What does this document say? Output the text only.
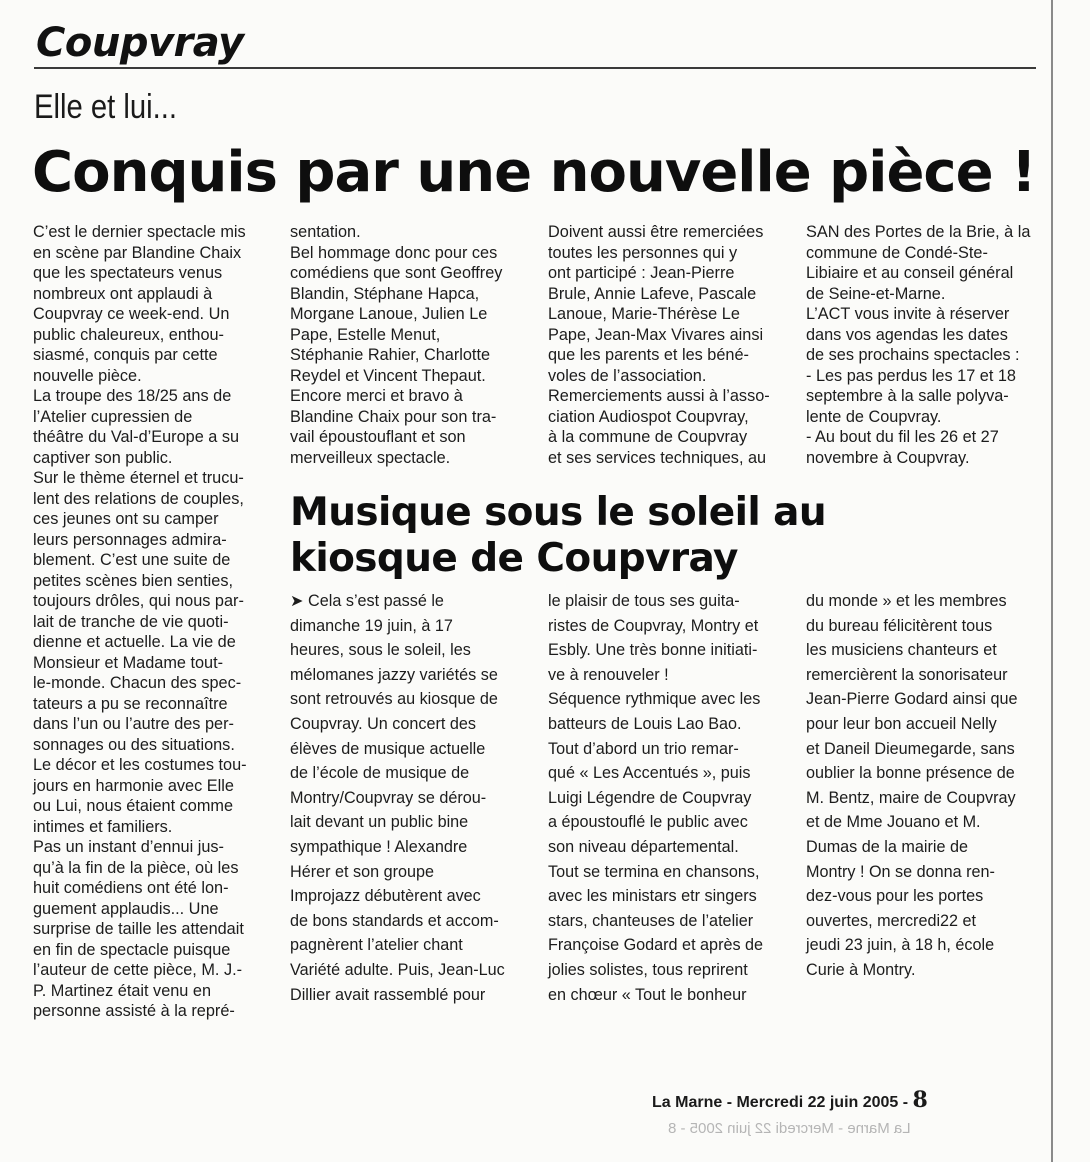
Coupvray
Elle et lui...
Conquis par une nouvelle pièce !

C’est le dernier spectacle mis
en scène par Blandine Chaix
que les spectateurs venus
nombreux ont applaudi à
Coupvray ce week-end. Un
public chaleureux, enthou-
siasmé, conquis par cette
nouvelle pièce.
La troupe des 18/25 ans de
l’Atelier cupressien de
théâtre du Val-d’Europe a su
captiver son public.
Sur le thème éternel et trucu-
lent des relations de couples,
ces jeunes ont su camper
leurs personnages admira-
blement. C’est une suite de
petites scènes bien senties,
toujours drôles, qui nous par-
lait de tranche de vie quoti-
dienne et actuelle. La vie de
Monsieur et Madame tout-
le-monde. Chacun des spec-
tateurs a pu se reconnaître
dans l’un ou l’autre des per-
sonnages ou des situations.
Le décor et les costumes tou-
jours en harmonie avec Elle
ou Lui, nous étaient comme
intimes et familiers.
Pas un instant d’ennui jus-
qu’à la fin de la pièce, où les
huit comédiens ont été lon-
guement applaudis... Une
surprise de taille les attendait
en fin de spectacle puisque
l’auteur de cette pièce, M. J.-
P. Martinez était venu en
personne assisté à la repré-

sentation.
Bel hommage donc pour ces
comédiens que sont Geoffrey
Blandin, Stéphane Hapca,
Morgane Lanoue, Julien Le
Pape, Estelle Menut,
Stéphanie Rahier, Charlotte
Reydel et Vincent Thepaut.
Encore merci et bravo à
Blandine Chaix pour son tra-
vail époustouflant et son
merveilleux spectacle.

Doivent aussi être remerciées
toutes les personnes qui y
ont participé : Jean-Pierre
Brule, Annie Lafeve, Pascale
Lanoue, Marie-Thérèse Le
Pape, Jean-Max Vivares ainsi
que les parents et les béné-
voles de l’association.
Remerciements aussi à l’asso-
ciation Audiospot Coupvray,
à la commune de Coupvray
et ses services techniques, au

SAN des Portes de la Brie, à la
commune de Condé-Ste-
Libiaire et au conseil général
de Seine-et-Marne.
L’ACT vous invite à réserver
dans vos agendas les dates
de ses prochains spectacles :
- Les pas perdus les 17 et 18
septembre à la salle polyva-
lente de Coupvray.
- Au bout du fil les 26 et 27
novembre à Coupvray.

Musique sous le soleil au kiosque de Coupvray

➤ Cela s’est passé le
dimanche 19 juin, à 17
heures, sous le soleil, les
mélomanes jazzy variétés se
sont retrouvés au kiosque de
Coupvray. Un concert des
élèves de musique actuelle
de l’école de musique de
Montry/Coupvray se dérou-
lait devant un public bine
sympathique ! Alexandre
Hérer et son groupe
Improjazz débutèrent avec
de bons standards et accom-
pagnèrent l’atelier chant
Variété adulte. Puis, Jean-Luc
Dillier avait rassemblé pour

le plaisir de tous ses guita-
ristes de Coupvray, Montry et
Esbly. Une très bonne initiati-
ve à renouveler !
Séquence rythmique avec les
batteurs de Louis Lao Bao.
Tout d’abord un trio remar-
qué « Les Accentués », puis
Luigi Légendre de Coupvray
a époustouflé le public avec
son niveau départemental.
Tout se termina en chansons,
avec les ministars etr singers
stars, chanteuses de l’atelier
Françoise Godard et après de
jolies solistes, tous reprirent
en chœur « Tout le bonheur

du monde » et les membres
du bureau félicitèrent tous
les musiciens chanteurs et
remercièrent la sonorisateur
Jean-Pierre Godard ainsi que
pour leur bon accueil Nelly
et Daneil Dieumegarde, sans
oublier la bonne présence de
M. Bentz, maire de Coupvray
et de Mme Jouano et M.
Dumas de la mairie de
Montry ! On se donna ren-
dez-vous pour les portes
ouvertes, mercredi22 et
jeudi 23 juin, à 18 h, école
Curie à Montry.

La Marne - Mercredi 22 juin 2005 - 8
La Marne - Mercredi 22 juin 2005 - 8
